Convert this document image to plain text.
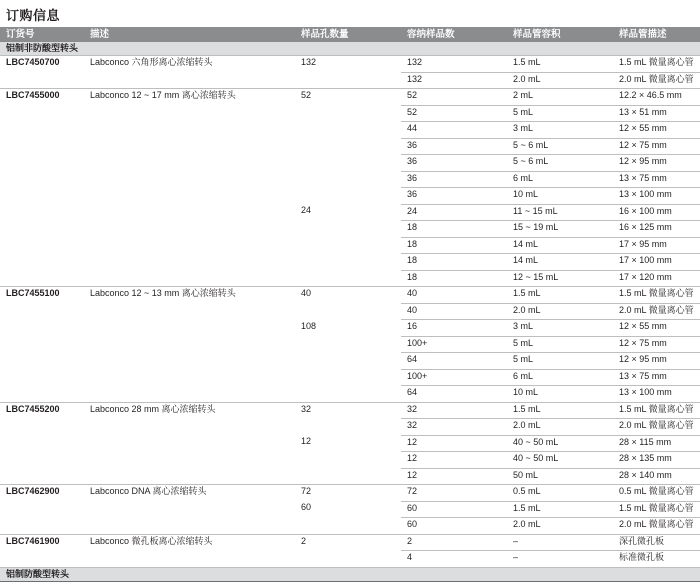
订购信息
订货号	描述	样品孔数量	容纳样品数	样品管容积	样品管描述
铝制非防酸型转头					
LBC7450700	Labconco 六角形离心浓缩转头	132	132	1.5 mL	1.5 mL 微量离心管
			132	2.0 mL	2.0 mL 微量离心管
LBC7455000	Labconco 12 ~ 17 mm 离心浓缩转头	52	52	2 mL	12.2 × 46.5 mm
			52	5 mL	13 × 51 mm
			44	3 mL	12 × 55 mm
			36	5 ~ 6 mL	12 × 75 mm
			36	5 ~ 6 mL	12 × 95 mm
			36	6 mL	13 × 75 mm
			36	10 mL	13 × 100 mm
		24	24	11 ~ 15 mL	16 × 100 mm
			18	15 ~ 19 mL	16 × 125 mm
			18	14 mL	17 × 95 mm
			18	14 mL	17 × 100 mm
			18	12 ~ 15 mL	17 × 120 mm
LBC7455100	Labconco 12 ~ 13 mm 离心浓缩转头	40	40	1.5 mL	1.5 mL 微量离心管
			40	2.0 mL	2.0 mL 微量离心管
		108	16	3 mL	12 × 55 mm
			100+	5 mL	12 × 75 mm
			64	5 mL	12 × 95 mm
			100+	6 mL	13 × 75 mm
			64	10 mL	13 × 100 mm
LBC7455200	Labconco 28 mm 离心浓缩转头	32	32	1.5 mL	1.5 mL 微量离心管
			32	2.0 mL	2.0 mL 微量离心管
		12	12	40 ~ 50 mL	28 × 115 mm
			12	40 ~ 50 mL	28 × 135 mm
			12	50 mL	28 × 140 mm
LBC7462900	Labconco DNA 离心浓缩转头	72	72	0.5 mL	0.5 mL 微量离心管
		60	60	1.5 mL	1.5 mL 微量离心管
			60	2.0 mL	2.0 mL 微量离心管
LBC7461900	Labconco 微孔板离心浓缩转头	2	2	–	深孔微孔板
			4	–	标准微孔板
铝制防酸型转头					
